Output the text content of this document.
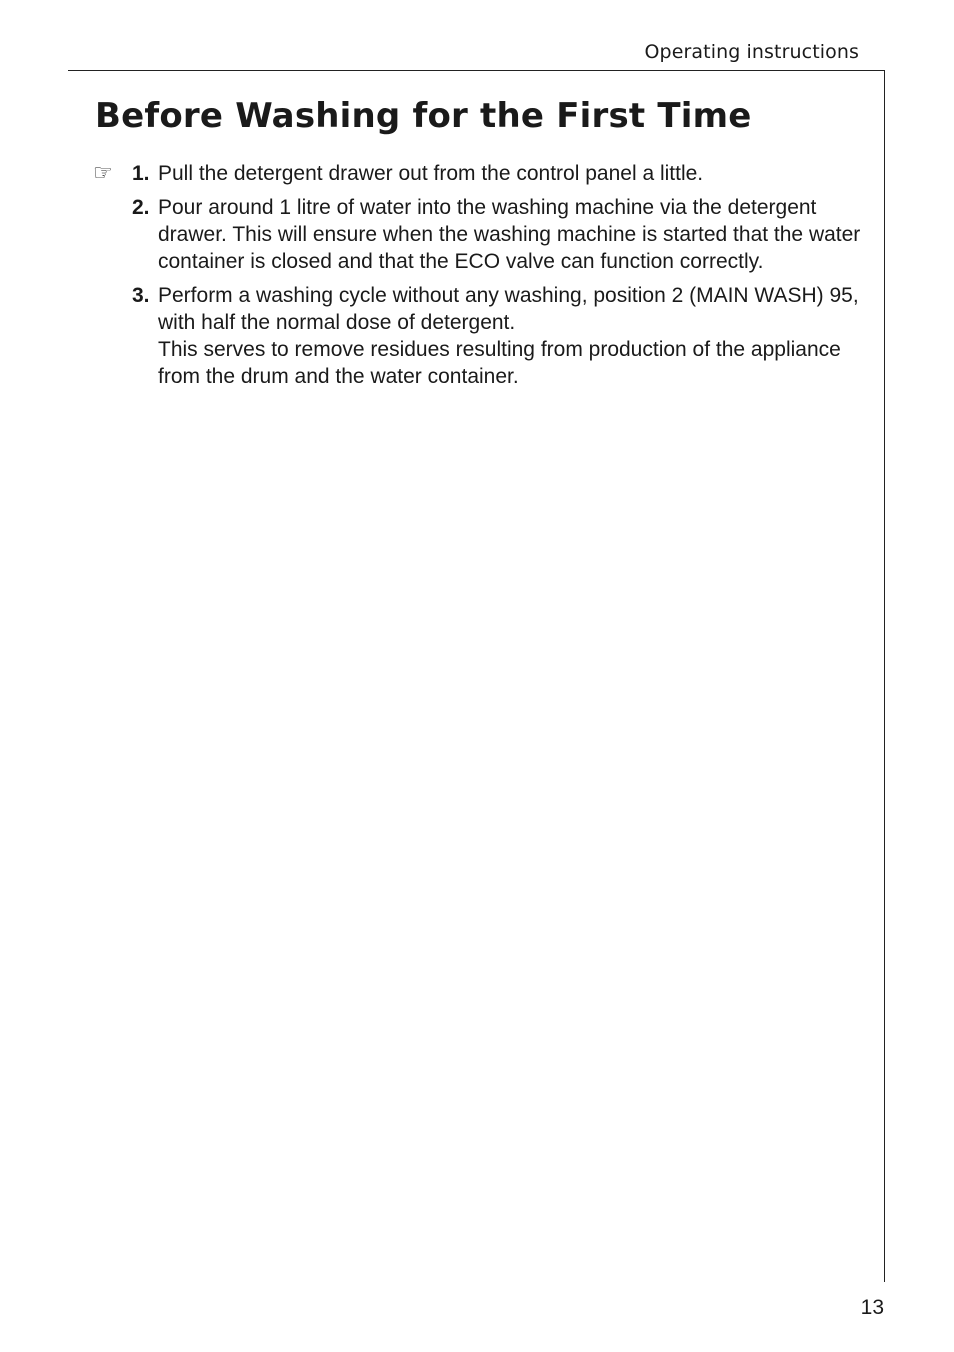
Operating instructions
Before Washing for the First Time
☞ 1. Pull the detergent drawer out from the control panel a little.
2. Pour around 1 litre of water into the washing machine via the detergent drawer. This will ensure when the washing machine is started that the water container is closed and that the ECO valve can function correctly.
3. Perform a washing cycle without any washing, position 2 (MAIN WASH) 95, with half the normal dose of detergent.
This serves to remove residues resulting from production of the appliance from the drum and the water container.
13
